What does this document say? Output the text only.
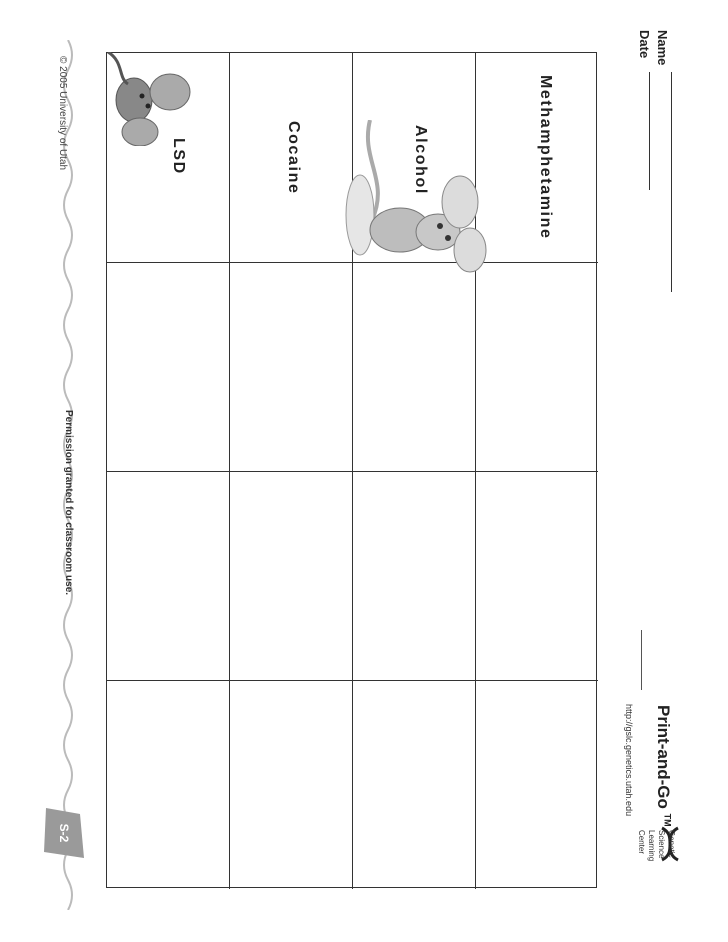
Name
Date
LSD	Cocaine	Alcohol	Methamphetamine
© 2005 University of Utah
Permission granted for classroom use.
S-2
Print-and-Go ™
http://gslc.genetics.utah.edu
Genetic
Science
Learning
Center
